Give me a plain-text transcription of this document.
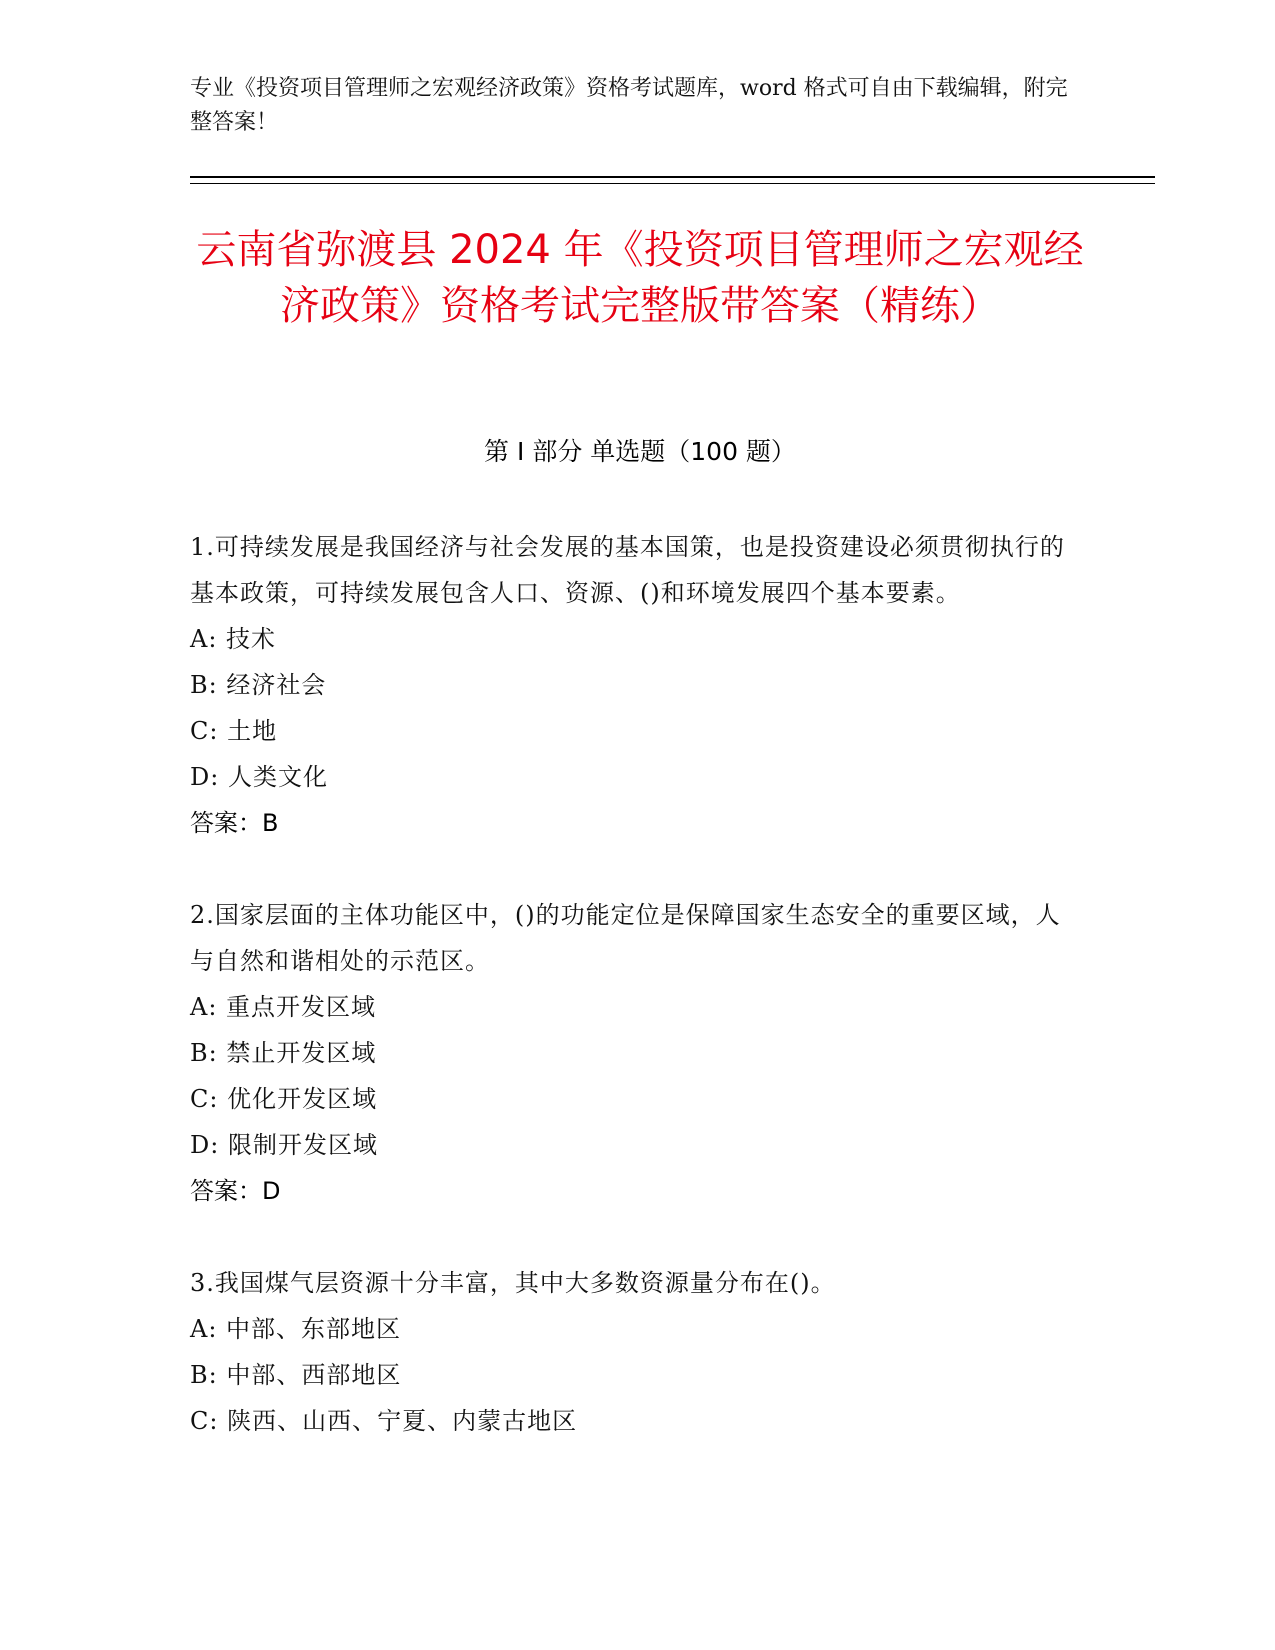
专业《投资项目管理师之宏观经济政策》资格考试题库，word 格式可自由下载编辑，附完整答案！
云南省弥渡县 2024 年《投资项目管理师之宏观经济政策》资格考试完整版带答案（精练）
第 I 部分 单选题（100 题）
1.可持续发展是我国经济与社会发展的基本国策，也是投资建设必须贯彻执行的基本政策，可持续发展包含人口、资源、()和环境发展四个基本要素。
A: 技术
B: 经济社会
C: 土地
D: 人类文化
答案：B
2.国家层面的主体功能区中，()的功能定位是保障国家生态安全的重要区域，人与自然和谐相处的示范区。
A: 重点开发区域
B: 禁止开发区域
C: 优化开发区域
D: 限制开发区域
答案：D
3.我国煤气层资源十分丰富，其中大多数资源量分布在()。
A: 中部、东部地区
B: 中部、西部地区
C: 陕西、山西、宁夏、内蒙古地区
